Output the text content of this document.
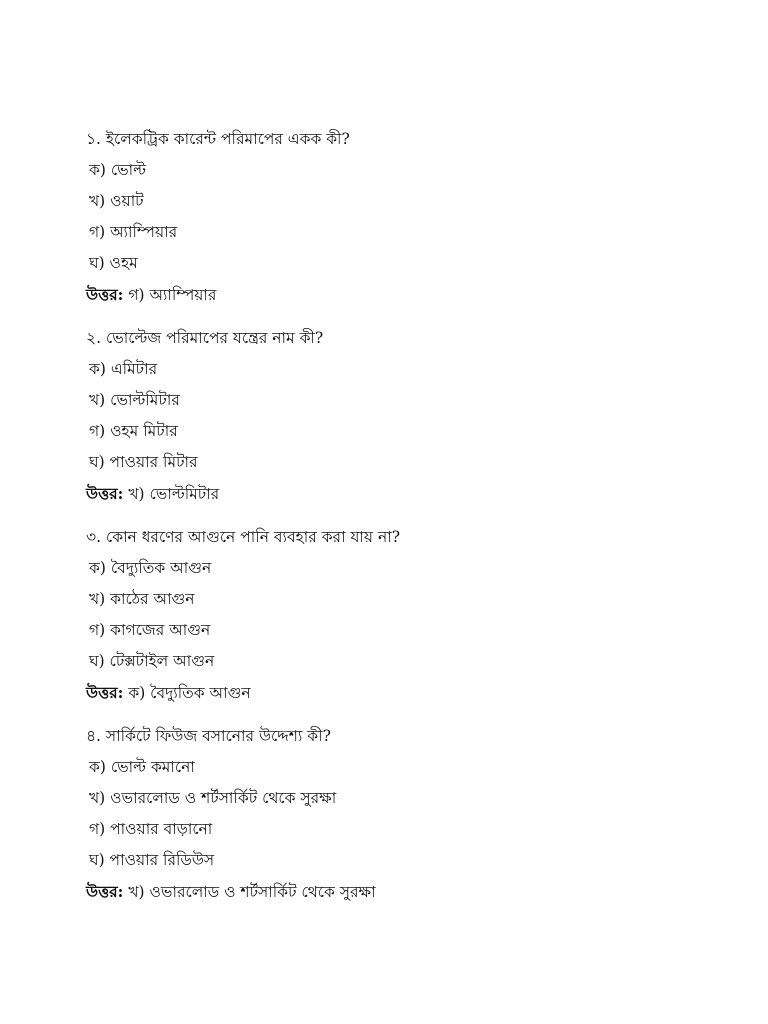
১. ইলেকট্রিক কারেন্ট পরিমাপের একক কী?
ক) ভোল্ট
খ) ওয়াট
গ) অ্যাম্পিয়ার
ঘ) ওহম
উত্তর: গ) অ্যাম্পিয়ার
২. ভোল্টেজ পরিমাপের যন্ত্রের নাম কী?
ক) এমিটার
খ) ভোল্টমিটার
গ) ওহম মিটার
ঘ) পাওয়ার মিটার
উত্তর: খ) ভোল্টমিটার
৩. কোন ধরণের আগুনে পানি ব্যবহার করা যায় না?
ক) বৈদ্যুতিক আগুন
খ) কাঠের আগুন
গ) কাগজের আগুন
ঘ) টেক্সটাইল আগুন
উত্তর: ক) বৈদ্যুতিক আগুন
৪. সার্কিটে ফিউজ বসানোর উদ্দেশ্য কী?
ক) ভোল্ট কমানো
খ) ওভারলোড ও শর্টসার্কিট থেকে সুরক্ষা
গ) পাওয়ার বাড়ানো
ঘ) পাওয়ার রিডিউস
উত্তর: খ) ওভারলোড ও শর্টসার্কিট থেকে সুরক্ষা
